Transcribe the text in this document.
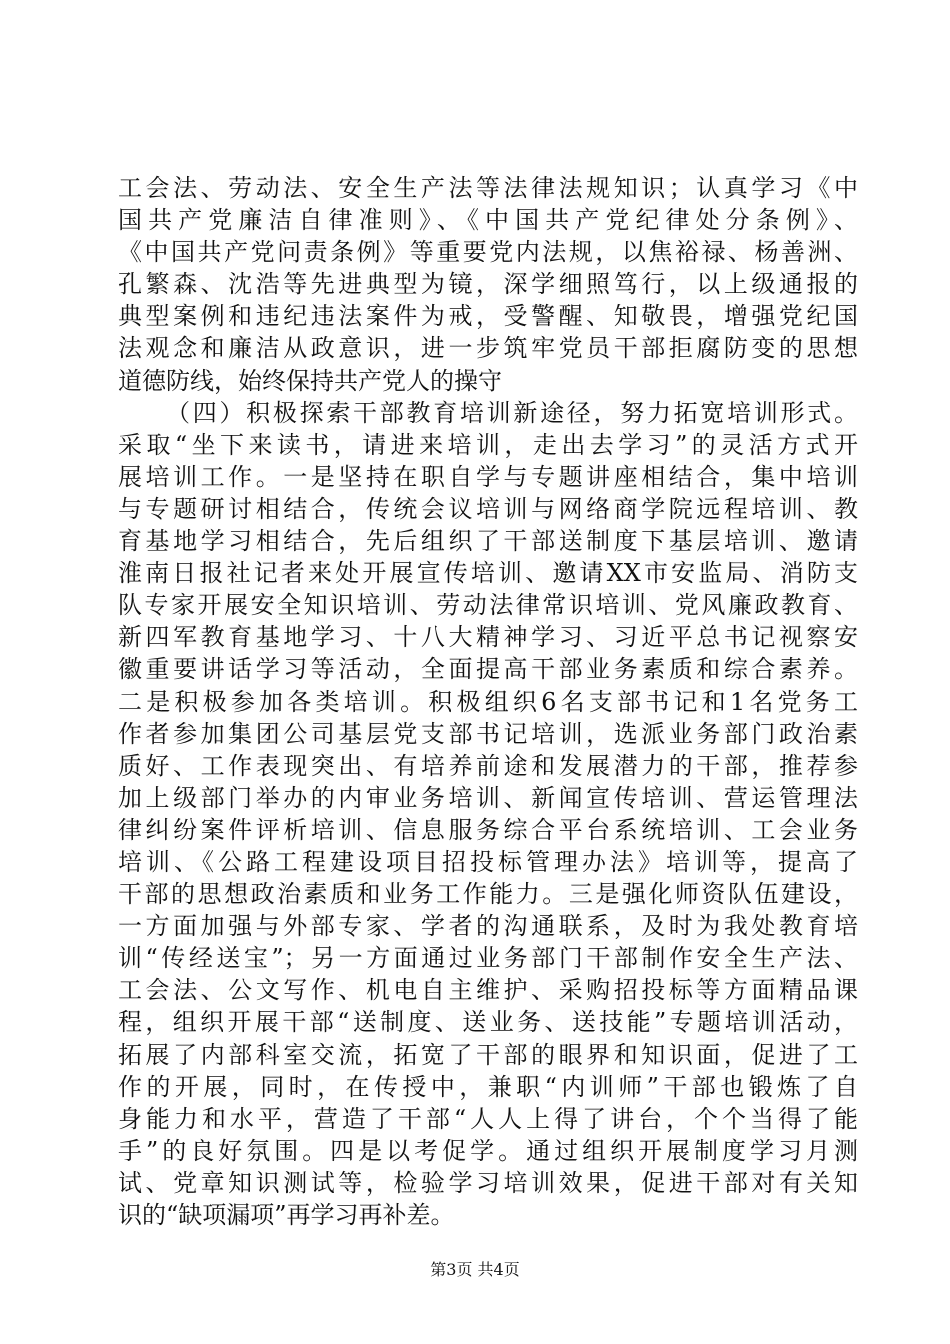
工会法、劳动法、安全生产法等法律法规知识；认真学习《中
国共产党廉洁自律准则》、《中国共产党纪律处分条例》、
《中国共产党问责条例》等重要党内法规，以焦裕禄、杨善洲、
孔繁森、沈浩等先进典型为镜，深学细照笃行，以上级通报的
典型案例和违纪违法案件为戒，受警醒、知敬畏，增强党纪国
法观念和廉洁从政意识，进一步筑牢党员干部拒腐防变的思想
道德防线，始终保持共产党人的操守
（四）积极探索干部教育培训新途径，努力拓宽培训形式。
采取“坐下来读书，请进来培训，走出去学习”的灵活方式开
展培训工作。一是坚持在职自学与专题讲座相结合，集中培训
与专题研讨相结合，传统会议培训与网络商学院远程培训、教
育基地学习相结合，先后组织了干部送制度下基层培训、邀请
淮南日报社记者来处开展宣传培训、邀请XX市安监局、消防支
队专家开展安全知识培训、劳动法律常识培训、党风廉政教育、
新四军教育基地学习、十八大精神学习、习近平总书记视察安
徽重要讲话学习等活动，全面提高干部业务素质和综合素养。
二是积极参加各类培训。积极组织6名支部书记和1名党务工
作者参加集团公司基层党支部书记培训，选派业务部门政治素
质好、工作表现突出、有培养前途和发展潜力的干部，推荐参
加上级部门举办的内审业务培训、新闻宣传培训、营运管理法
律纠纷案件评析培训、信息服务综合平台系统培训、工会业务
培训、《公路工程建设项目招投标管理办法》培训等，提高了
干部的思想政治素质和业务工作能力。三是强化师资队伍建设，
一方面加强与外部专家、学者的沟通联系，及时为我处教育培
训“传经送宝”；另一方面通过业务部门干部制作安全生产法、
工会法、公文写作、机电自主维护、采购招投标等方面精品课
程，组织开展干部“送制度、送业务、送技能”专题培训活动，
拓展了内部科室交流，拓宽了干部的眼界和知识面，促进了工
作的开展，同时，在传授中，兼职“内训师”干部也锻炼了自
身能力和水平，营造了干部“人人上得了讲台，个个当得了能
手”的良好氛围。四是以考促学。通过组织开展制度学习月测
试、党章知识测试等，检验学习培训效果，促进干部对有关知
识的“缺项漏项”再学习再补差。
第3页 共4页
